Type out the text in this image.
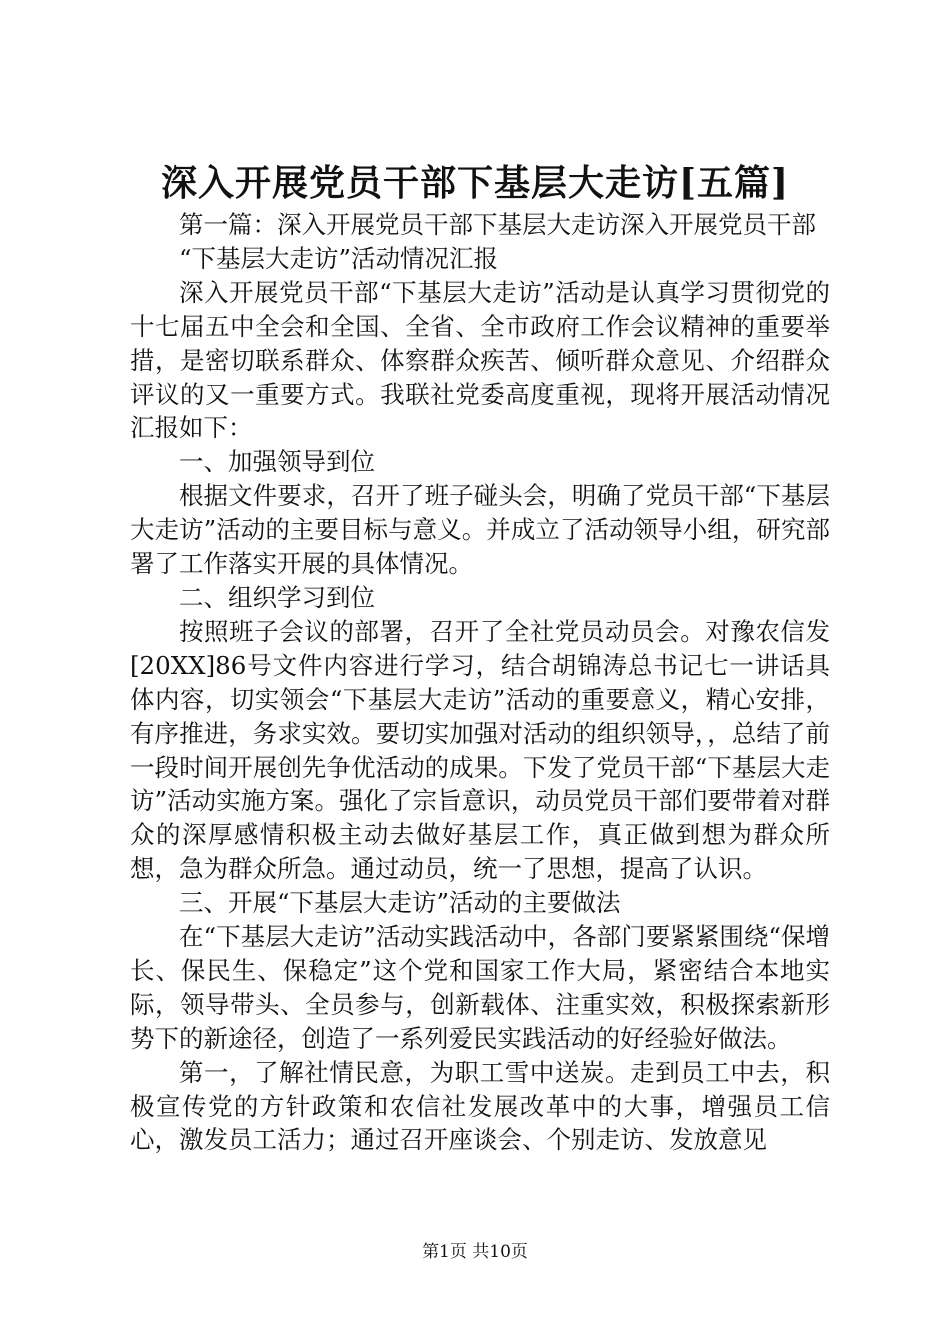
深入开展党员干部下基层大走访[五篇]

第一篇：深入开展党员干部下基层大走访深入开展党员干部

“下基层大走访”活动情况汇报

深入开展党员干部“下基层大走访”活动是认真学习贯彻党的十七届五中全会和全国、全省、全市政府工作会议精神的重要举措，是密切联系群众、体察群众疾苦、倾听群众意见、介绍群众评议的又一重要方式。我联社党委高度重视，现将开展活动情况汇报如下：

一、加强领导到位

根据文件要求，召开了班子碰头会，明确了党员干部“下基层大走访”活动的主要目标与意义。并成立了活动领导小组，研究部署了工作落实开展的具体情况。

二、组织学习到位

按照班子会议的部署，召开了全社党员动员会。对豫农信发[20XX]86号文件内容进行学习，结合胡锦涛总书记七一讲话具体内容，切实领会“下基层大走访”活动的重要意义，精心安排，有序推进，务求实效。要切实加强对活动的组织领导，，总结了前一段时间开展创先争优活动的成果。下发了党员干部“下基层大走访”活动实施方案。强化了宗旨意识，动员党员干部们要带着对群众的深厚感情积极主动去做好基层工作，真正做到想为群众所想，急为群众所急。通过动员，统一了思想，提高了认识。

三、开展“下基层大走访”活动的主要做法

在“下基层大走访”活动实践活动中，各部门要紧紧围绕“保增长、保民生、保稳定”这个党和国家工作大局，紧密结合本地实际，领导带头、全员参与，创新载体、注重实效，积极探索新形势下的新途径，创造了一系列爱民实践活动的好经验好做法。

第一，了解社情民意，为职工雪中送炭。走到员工中去，积极宣传党的方针政策和农信社发展改革中的大事，增强员工信心，激发员工活力；通过召开座谈会、个别走访、发放意见

第1页 共10页
